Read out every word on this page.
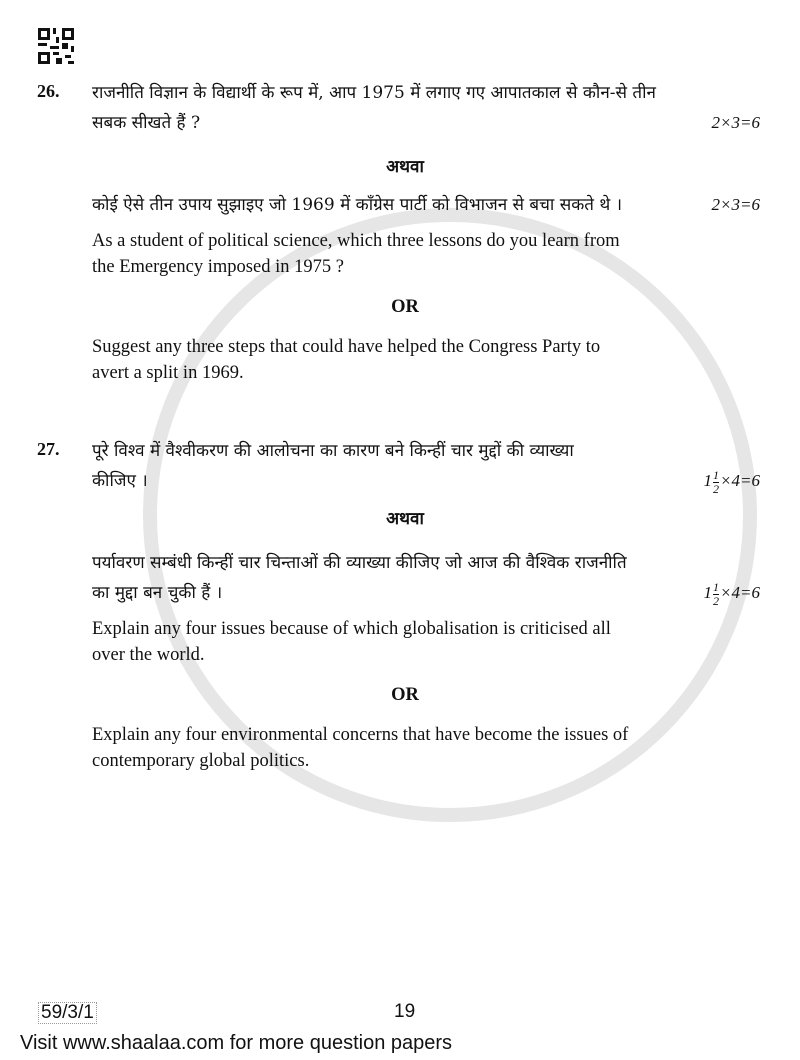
26.	राजनीति विज्ञान के विद्यार्थी के रूप में, आप 1975 में लगाए गए आपातकाल से कौन-से तीन
सबक सीखते हैं ?	2×3=6
अथवा
कोई ऐसे तीन उपाय सुझाइए जो 1969 में काँग्रेस पार्टी को विभाजन से बचा सकते थे ।	2×3=6
As a student of political science, which three lessons do you learn from
the Emergency imposed in 1975 ?
OR
Suggest any three steps that could have helped the Congress Party to
avert a split in 1969.
27.	पूरे विश्व में वैश्वीकरण की आलोचना का कारण बने किन्हीं चार मुद्दों की व्याख्या
कीजिए ।	$1 \frac{1}{2} \times 4=6$
अथवा
पर्यावरण सम्बंधी किन्हीं चार चिन्ताओं की व्याख्या कीजिए जो आज की वैश्विक राजनीति
का मुद्दा बन चुकी हैं ।	$1 \frac{1}{2} \times 4=6$
Explain any four issues because of which globalisation is criticised all
over the world.
OR
Explain any four environmental concerns that have become the issues of
contemporary global politics.
59/3/1	19
Visit www.shaalaa.com for more question papers
